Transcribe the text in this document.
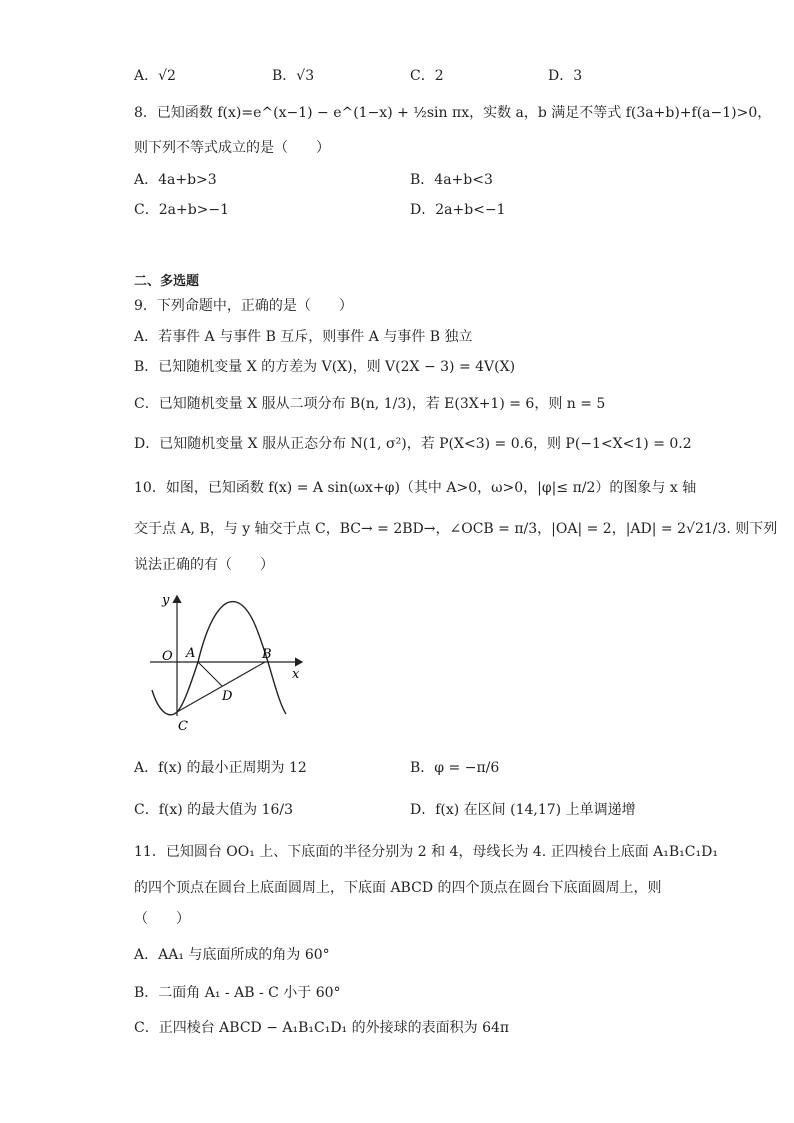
A．√2	B．√3	C．2	D．3
8．已知函数 f(x)=e^(x−1) − e^(1−x) + ½sin πx，实数 a，b 满足不等式 f(3a+b)+f(a−1)>0，
则下列不等式成立的是（　　）
A．4a+b>3	B．4a+b<3
C．2a+b>−1	D．2a+b<−1
二、多选题
9．下列命题中，正确的是（　　）
A．若事件 A 与事件 B 互斥，则事件 A 与事件 B 独立
B．已知随机变量 X 的方差为 V(X)，则 V(2X − 3) = 4V(X)
C．已知随机变量 X 服从二项分布 B(n, 1/3)，若 E(3X+1) = 6，则 n = 5
D．已知随机变量 X 服从正态分布 N(1, σ²)，若 P(X<3) = 0.6，则 P(−1<X<1) = 0.2
10．如图，已知函数 f(x) = A sin(ωx+φ)（其中 A>0，ω>0，|φ|≤ π/2）的图象与 x 轴
交于点 A, B，与 y 轴交于点 C，BC→ = 2BD→，∠OCB = π/3，|OA| = 2，|AD| = 2√21/3. 则下列
说法正确的有（　　）
y
x
O A	B
C
D
A．f(x) 的最小正周期为 12	B．φ = −π/6
C．f(x) 的最大值为 16/3	D．f(x) 在区间 (14,17) 上单调递增
11．已知圆台 OO₁ 上、下底面的半径分别为 2 和 4，母线长为 4. 正四棱台上底面 A₁B₁C₁D₁
的四个顶点在圆台上底面圆周上，下底面 ABCD 的四个顶点在圆台下底面圆周上，则
（　　）
A．AA₁ 与底面所成的角为 60°
B．二面角 A₁ - AB - C 小于 60°
C．正四棱台 ABCD − A₁B₁C₁D₁ 的外接球的表面积为 64π
